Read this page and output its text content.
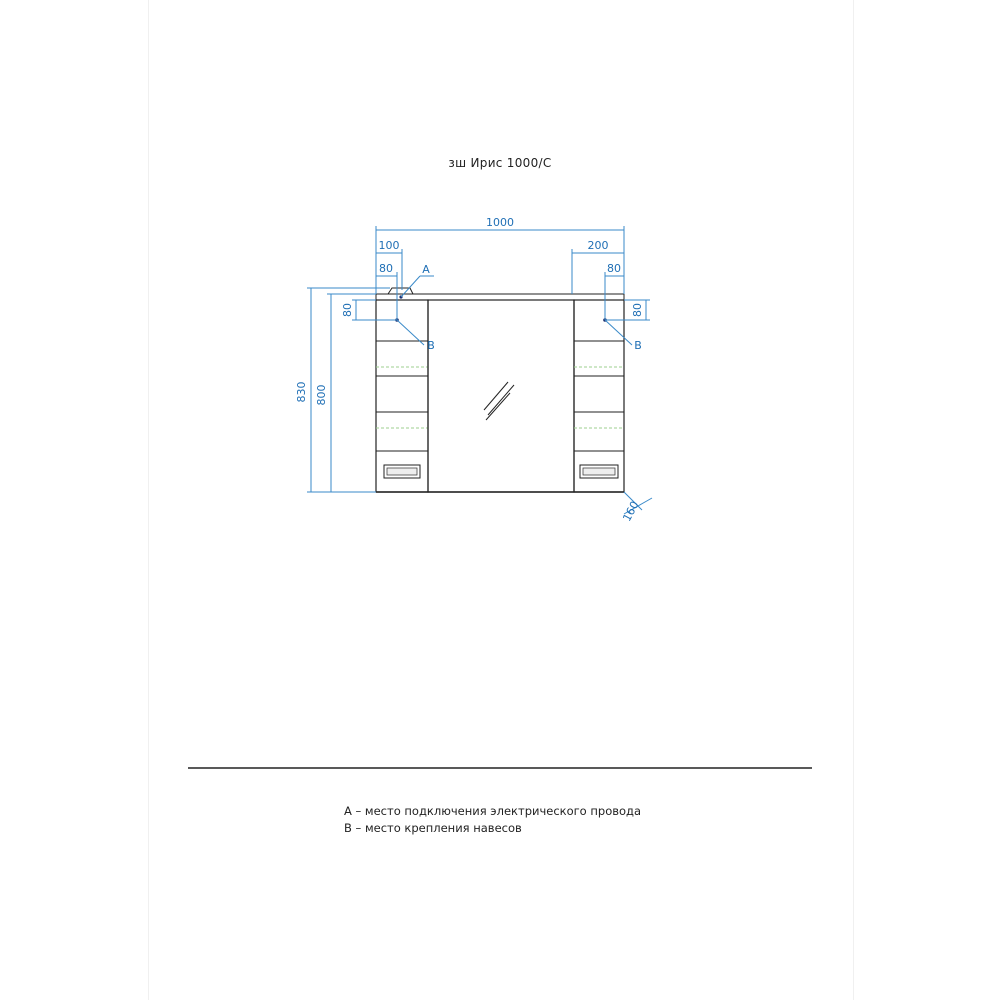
зш Ирис 1000/С
1000
100
80	A
200
80
80	80
B	B
830 800
160
А – место подключения электрического провода
В – место крепления навесов
